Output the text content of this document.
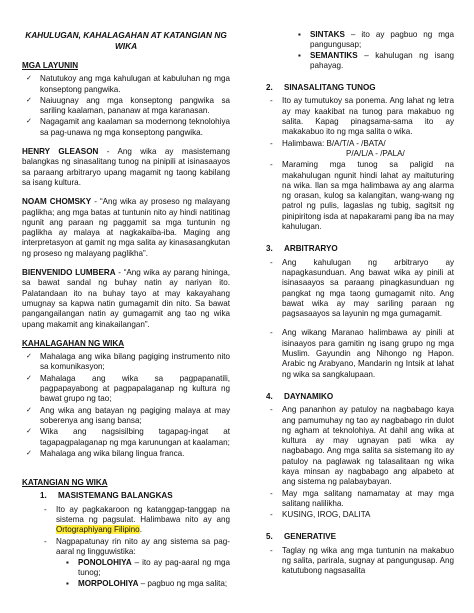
KAHULUGAN, KAHALAGAHAN AT KATANGIAN NG WIKA
MGA LAYUNIN
✓ Natutukoy ang mga kahulugan at kabuluhan ng mga konseptong pangwika.
✓ Naiuugnay ang mga konseptong pangwika sa sariling kaalaman, pananaw at mga karanasan.
✓ Nagagamit ang kaalaman sa modernong teknolohiya sa pag-unawa ng mga konseptong pangwika.

HENRY GLEASON - Ang wika ay masistemang balangkas ng sinasalitang tunog na pinipili at isinasaayos sa paraang arbitraryo upang magamit ng taong kabilang sa isang kultura.

NOAM CHOMSKY - “Ang wika ay proseso ng malayang paglikha; ang mga batas at tuntunin nito ay hindi natitinag ngunit ang paraan ng paggamit sa mga tuntunin ng paglikha ay malaya at nagkakaiba-iba. Maging ang interpretasyon at gamit ng mga salita ay kinasasangkutan ng proseso ng malayang paglikha”.

BIENVENIDO LUMBERA - “Ang wika ay parang hininga, sa bawat sandal ng buhay natin ay nariyan ito. Palatandaan ito na buhay tayo at may kakayahang umugnay sa kapwa natin gumagamit din nito. Sa bawat pangangailangan natin ay gumagamit ang tao ng wika upang makamit ang kinakailangan”.

KAHALAGAHAN NG WIKA
✓ Mahalaga ang wika bilang pagiging instrumento nito sa komunikasyon;
✓ Mahalaga ang wika sa pagpapanatili, pagpapayabong at pagpapalaganap ng kultura ng bawat grupo ng tao;
✓ Ang wika ang batayan ng pagiging malaya at may soberenya ang isang bansa;
✓ Wika ang nagsisilbing tagapag-ingat at tagapagpalaganap ng mga karunungan at kaalaman;
✓ Mahalaga ang wika bilang lingua franca.
KATANGIAN NG WIKA
1. MASISTEMANG BALANGKAS
- Ito ay pagkakaroon ng katanggap-tanggap na sistema ng pagsulat. Halimbawa nito ay ang Ortographiyang Filipino.
- Nagpapatunay rin nito ay ang sistema sa pag-aaral ng lingguwistika:
▪ PONOLOHIYA – ito ay pag-aaral ng mga tunog;
▪ MORPOLOHIYA – pagbuo ng mga salita;
▪ SINTAKS – ito ay pagbuo ng mga pangungusap;
▪ SEMANTIKS – kahulugan ng isang pahayag.
2. SINASALITANG TUNOG
- Ito ay tumutukoy sa ponema. Ang lahat ng letra ay may kaakibat na tunog para makabuo ng salita. Kapag pinagsama-sama ito ay makakabuo ito ng mga salita o wika.
- Halimbawa: B/A/T/A - /BATA/
P/A/L/A - /PALA/
- Maraming mga tunog sa paligid na makahulugan ngunit hindi lahat ay maituturing na wika. Ilan sa mga halimbawa ay ang alarma ng orasan, kulog sa kalangitan, wang-wang ng patrol ng pulis, lagaslas ng tubig, sagitsit ng pinipiritong isda at napakarami pang iba na may kahulugan.
3. ARBITRARYO
- Ang kahulugan ng arbitraryo ay napagkasunduan. Ang bawat wika ay pinili at isinasaayos sa paraang pinagkasunduan ng pangkat ng mga taong gumagamit nito. Ang bawat wika ay may sariling paraan ng pagsasaayos sa layunin ng mga gumagamit.
- Ang wikang Maranao halimbawa ay pinili at isinaayos para gamitin ng isang grupo ng mga Muslim. Gayundin ang Nihongo ng Hapon. Arabic ng Arabyano, Mandarin ng Intsik at lahat ng wika sa sangkalupaan.
4. DAYNAMIKO
- Ang pananhon ay patuloy na nagbabago kaya ang pamumuhay ng tao ay nagbabago rin dulot ng agham at teknolohiya. At dahil ang wika at kultura ay may ugnayan pati wika ay nagbabago. Ang mga salita sa sistemang ito ay patuloy na paglawak ng talasalitaan ng wika kaya minsan ay nagbabago ang alpabeto at ang sistema ng palabaybayan.
- May mga salitang namamatay at may mga salitang nalilikha.
- KUSING, IROG, DALITA
5. GENERATIVE
- Taglay ng wika ang mga tuntunin na makabuo ng salita, parirala, sugnay at pangungusap. Ang katutubong nagsasalita
